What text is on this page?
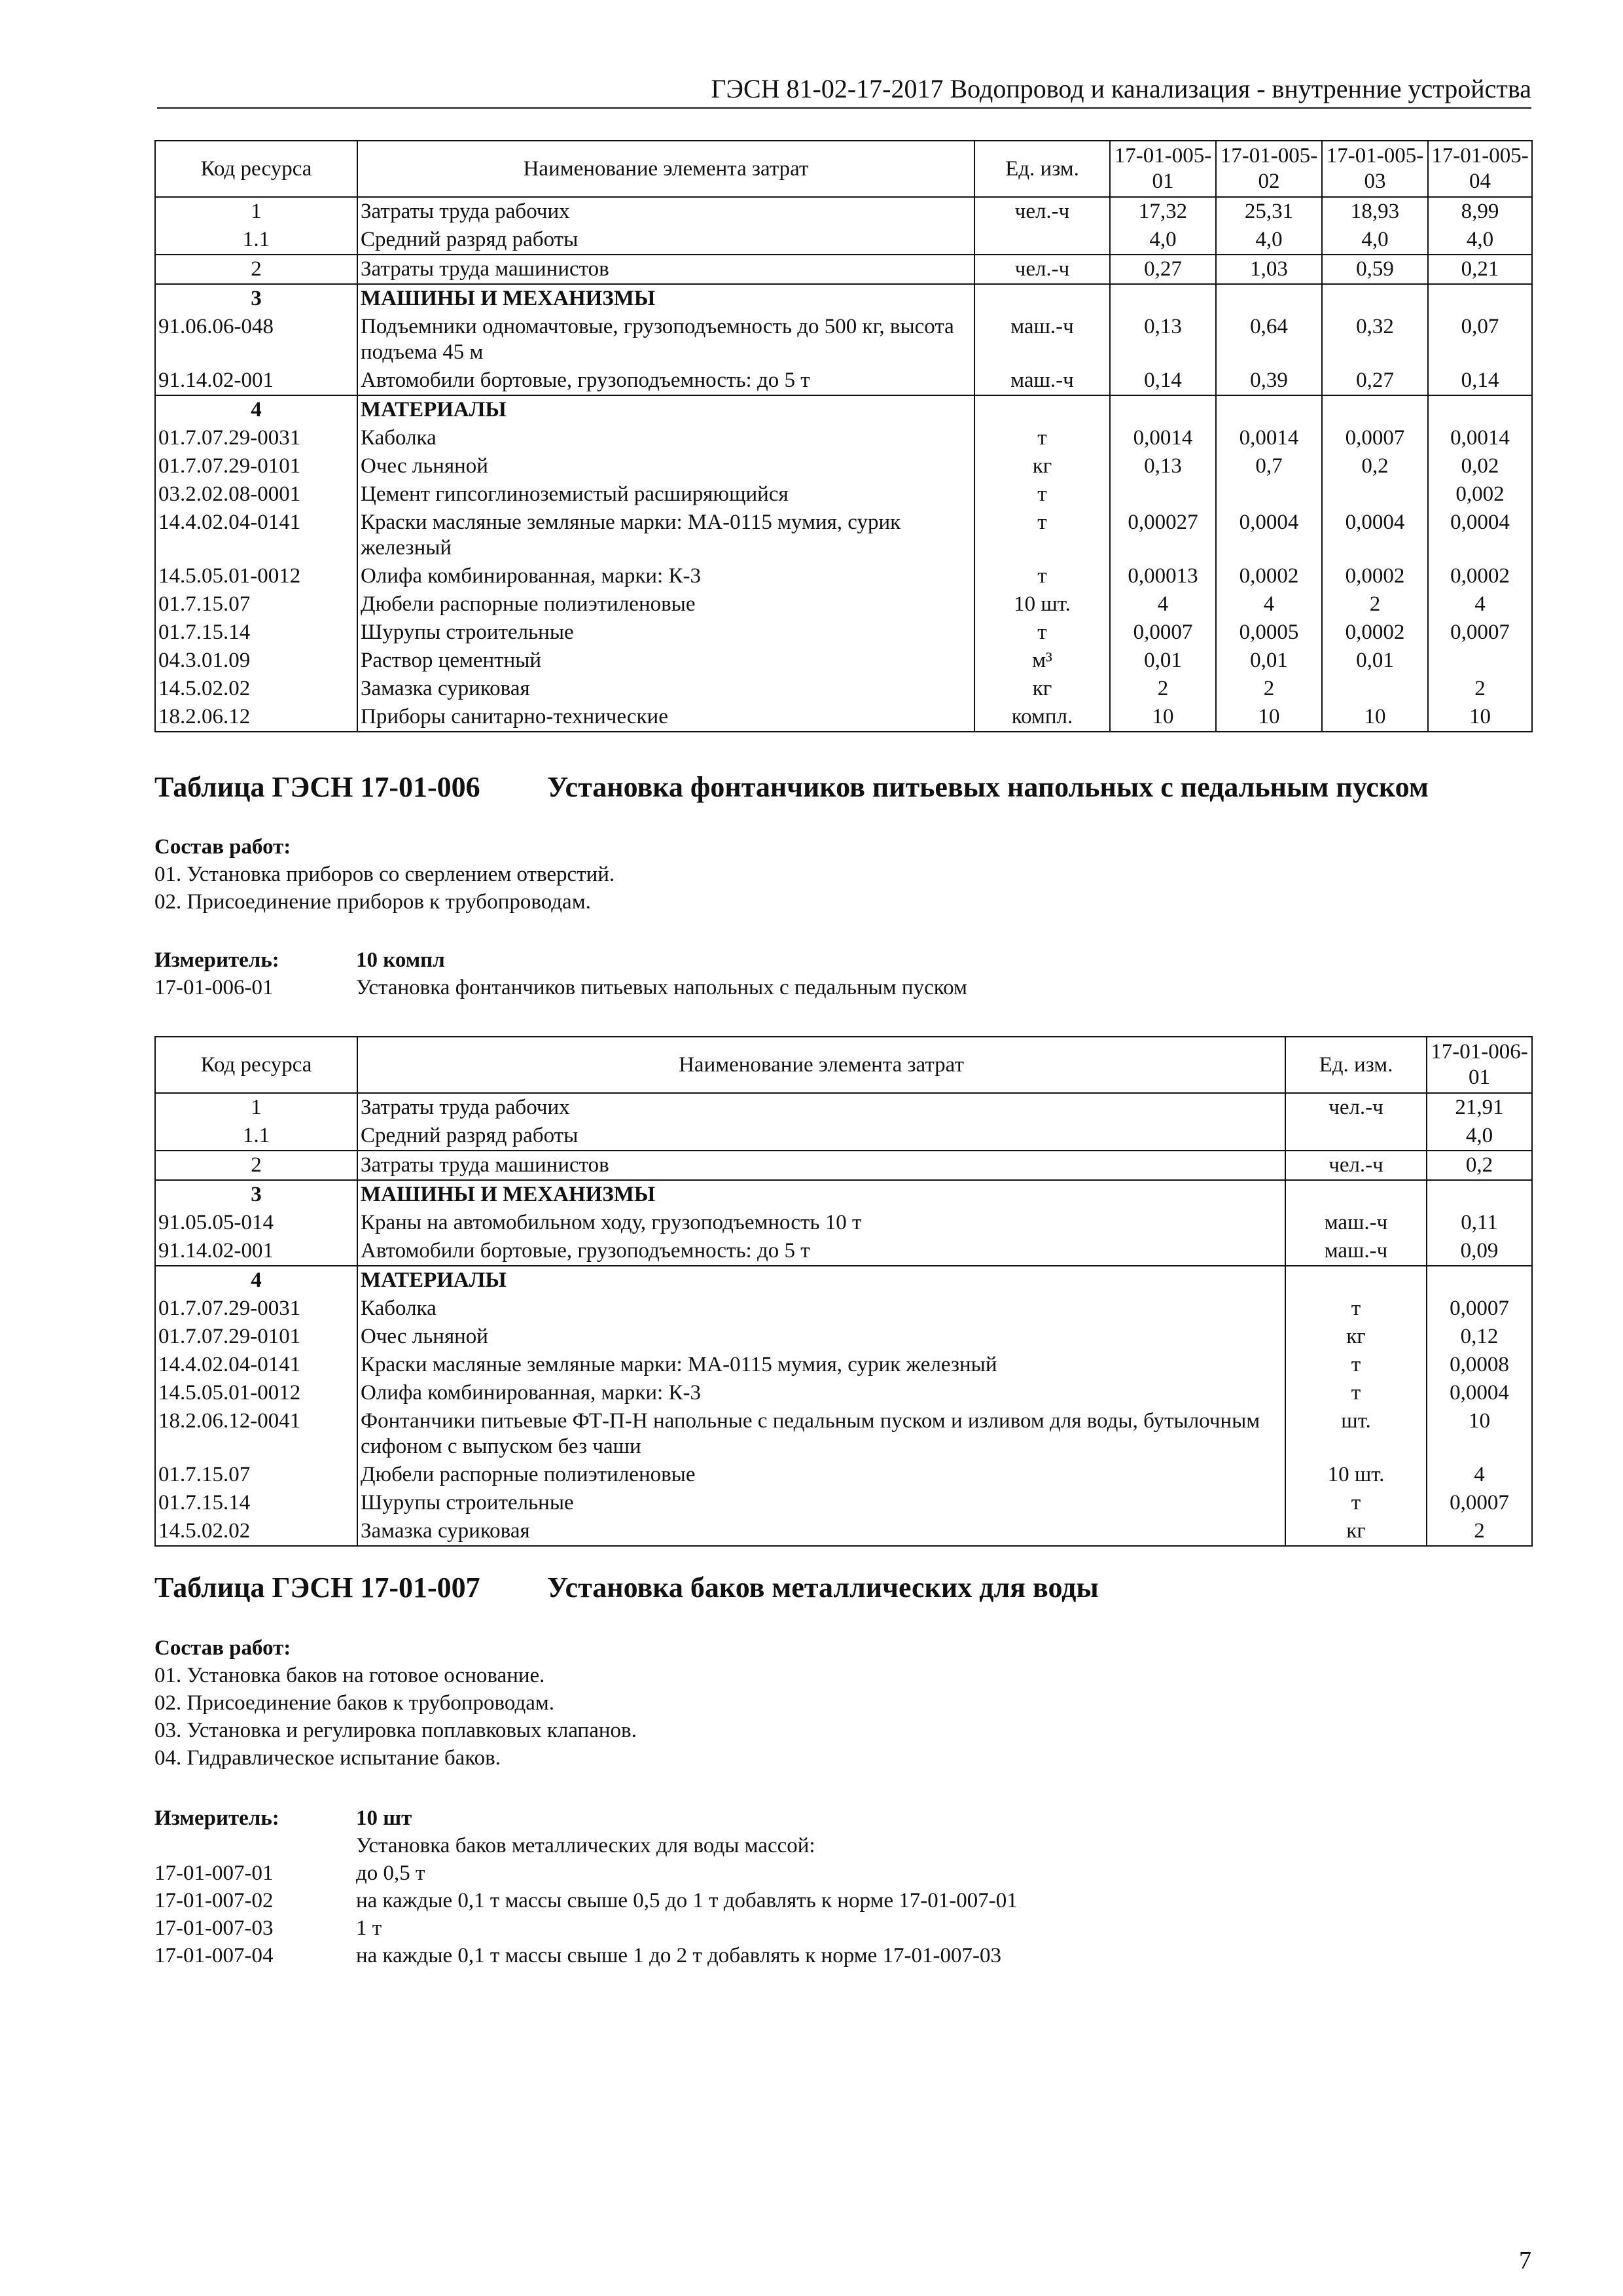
ГЭСН 81-02-17-2017 Водопровод и канализация - внутренние устройства
Код ресурса	Наименование элемента затрат	Ед. изм.	17-01-005-01	17-01-005-02	17-01-005-03	17-01-005-04
1	Затраты труда рабочих	чел.-ч	17,32	25,31	18,93	8,99
1.1	Средний разряд работы		4,0	4,0	4,0	4,0
2	Затраты труда машинистов	чел.-ч	0,27	1,03	0,59	0,21
3	МАШИНЫ И МЕХАНИЗМЫ					
91.06.06-048	Подъемники одномачтовые, грузоподъемность до 500 кг, высота подъема 45 м	маш.-ч	0,13	0,64	0,32	0,07
91.14.02-001	Автомобили бортовые, грузоподъемность: до 5 т	маш.-ч	0,14	0,39	0,27	0,14
4	МАТЕРИАЛЫ					
01.7.07.29-0031	Каболка	т	0,0014	0,0014	0,0007	0,0014
01.7.07.29-0101	Очес льняной	кг	0,13	0,7	0,2	0,02
03.2.02.08-0001	Цемент гипсоглиноземистый расширяющийся	т				0,002
14.4.02.04-0141	Краски масляные земляные марки: МА-0115 мумия, сурик железный	т	0,00027	0,0004	0,0004	0,0004
14.5.05.01-0012	Олифа комбинированная, марки: К-3	т	0,00013	0,0002	0,0002	0,0002
01.7.15.07	Дюбели распорные полиэтиленовые	10 шт.	4	4	2	4
01.7.15.14	Шурупы строительные	т	0,0007	0,0005	0,0002	0,0007
04.3.01.09	Раствор цементный	м³	0,01	0,01	0,01	
14.5.02.02	Замазка суриковая	кг	2	2		2
18.2.06.12	Приборы санитарно-технические	компл.	10	10	10	10
Таблица ГЭСН 17-01-006 Установка фонтанчиков питьевых напольных с педальным пуском
Состав работ:
01. Установка приборов со сверлением отверстий.
02. Присоединение приборов к трубопроводам.
Измеритель:	10 компл
17-01-006-01	Установка фонтанчиков питьевых напольных с педальным пуском
Код ресурса	Наименование элемента затрат	Ед. изм.	17-01-006-01
1	Затраты труда рабочих	чел.-ч	21,91
1.1	Средний разряд работы		4,0
2	Затраты труда машинистов	чел.-ч	0,2
3	МАШИНЫ И МЕХАНИЗМЫ		
91.05.05-014	Краны на автомобильном ходу, грузоподъемность 10 т	маш.-ч	0,11
91.14.02-001	Автомобили бортовые, грузоподъемность: до 5 т	маш.-ч	0,09
4	МАТЕРИАЛЫ		
01.7.07.29-0031	Каболка	т	0,0007
01.7.07.29-0101	Очес льняной	кг	0,12
14.4.02.04-0141	Краски масляные земляные марки: МА-0115 мумия, сурик железный	т	0,0008
14.5.05.01-0012	Олифа комбинированная, марки: К-3	т	0,0004
18.2.06.12-0041	Фонтанчики питьевые ФТ-П-Н напольные с педальным пуском и изливом для воды, бутылочным сифоном с выпуском без чаши	шт.	10
01.7.15.07	Дюбели распорные полиэтиленовые	10 шт.	4
01.7.15.14	Шурупы строительные	т	0,0007
14.5.02.02	Замазка суриковая	кг	2
Таблица ГЭСН 17-01-007 Установка баков металлических для воды
Состав работ:
01. Установка баков на готовое основание.
02. Присоединение баков к трубопроводам.
03. Установка и регулировка поплавковых клапанов.
04. Гидравлическое испытание баков.
Измеритель:	10 шт
Установка баков металлических для воды массой:
17-01-007-01	до 0,5 т
17-01-007-02	на каждые 0,1 т массы свыше 0,5 до 1 т добавлять к норме 17-01-007-01
17-01-007-03	1 т
17-01-007-04	на каждые 0,1 т массы свыше 1 до 2 т добавлять к норме 17-01-007-03
7
